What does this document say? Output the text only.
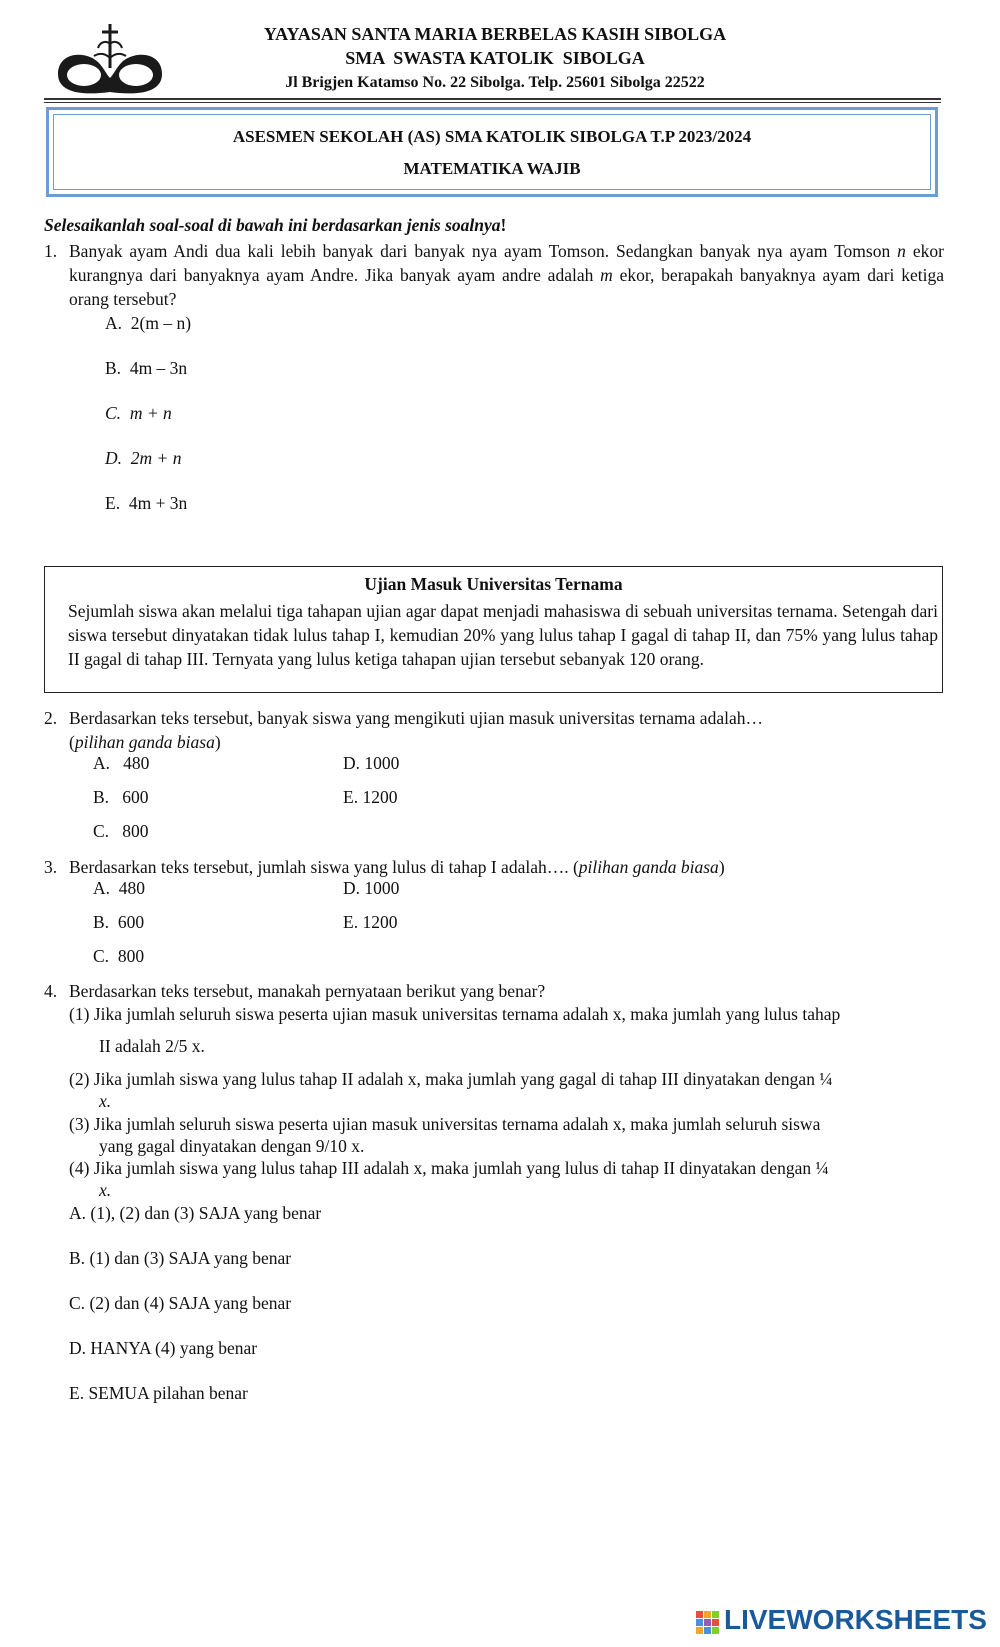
YAYASAN SANTA MARIA BERBELAS KASIH SIBOLGA
SMA  SWASTA KATOLIK  SIBOLGA
Jl Brigjen Katamso No. 22 Sibolga. Telp. 25601 Sibolga 22522
ASESMEN SEKOLAH (AS) SMA KATOLIK SIBOLGA T.P 2023/2024
MATEMATIKA WAJIB
Selesaikanlah soal-soal di bawah ini berdasarkan jenis soalnya!
1. Banyak ayam Andi dua kali lebih banyak dari banyak nya ayam Tomson. Sedangkan banyak nya ayam Tomson n ekor kurangnya dari banyaknya ayam Andre. Jika banyak ayam andre adalah m ekor, berapakah banyaknya ayam dari ketiga orang tersebut?
A. 2(m – n)
B. 4m – 3n
C. m + n
D. 2m + n
E. 4m + 3n
Ujian Masuk Universitas Ternama
Sejumlah siswa akan melalui tiga tahapan ujian agar dapat menjadi mahasiswa di sebuah universitas ternama. Setengah dari siswa tersebut dinyatakan tidak lulus tahap I, kemudian 20% yang lulus tahap I gagal di tahap II, dan 75% yang lulus tahap II gagal di tahap III. Ternyata yang lulus ketiga tahapan ujian tersebut sebanyak 120 orang.
2. Berdasarkan teks tersebut, banyak siswa yang mengikuti ujian masuk universitas ternama adalah…
(pilihan ganda biasa)
A. 480
B. 600
C. 800
D. 1000
E. 1200
3. Berdasarkan teks tersebut, jumlah siswa yang lulus di tahap I adalah…. (pilihan ganda biasa)
A. 480
B. 600
C. 800
D. 1000
E. 1200
4. Berdasarkan teks tersebut, manakah pernyataan berikut yang benar?
(1) Jika jumlah seluruh siswa peserta ujian masuk universitas ternama adalah x, maka jumlah yang lulus tahap
II adalah 2/5 x.
(2) Jika jumlah siswa yang lulus tahap II adalah x, maka jumlah yang gagal di tahap III dinyatakan dengan ¼
x.
(3) Jika jumlah seluruh siswa peserta ujian masuk universitas ternama adalah x, maka jumlah seluruh siswa
yang gagal dinyatakan dengan 9/10 x.
(4) Jika jumlah siswa yang lulus tahap III adalah x, maka jumlah yang lulus di tahap II dinyatakan dengan ¼
x.
A. (1), (2) dan (3) SAJA yang benar
B. (1) dan (3) SAJA yang benar
C. (2) dan (4) SAJA yang benar
D. HANYA (4) yang benar
E. SEMUA pilahan benar
LIVEWORKSHEETS
